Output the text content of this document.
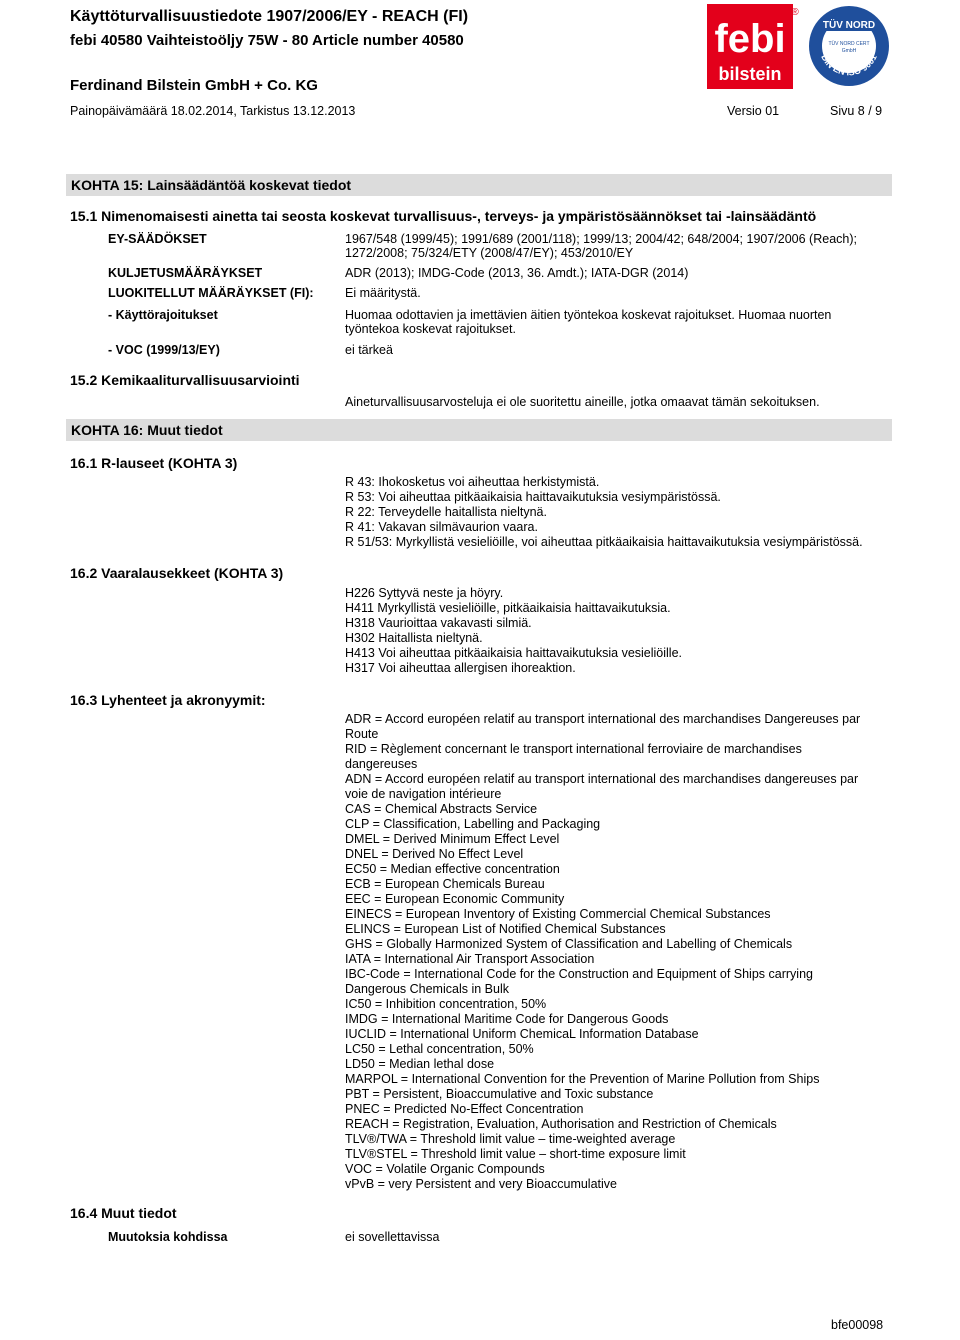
Käyttöturvallisuustiedote 1907/2006/EY - REACH (FI)
febi 40580 Vaihteistoöljy 75W - 80 Article number 40580
Ferdinand Bilstein GmbH + Co. KG
Painopäivämäärä 18.02.2014, Tarkistus 13.12.2013	Versio 01	Sivu 8 / 9
febi
bilstein
®
TÜV NORD
TÜV NORD CERT
GmbH
DIN EN ISO 9001
KOHTA 15: Lainsäädäntöä koskevat tiedot
15.1 Nimenomaisesti ainetta tai seosta koskevat turvallisuus-, terveys- ja ympäristösäännökset tai -lainsäädäntö
EY-SÄÄDÖKSET	1967/548 (1999/45); 1991/689 (2001/118); 1999/13; 2004/42; 648/2004; 1907/2006 (Reach);
1272/2008; 75/324/ETY (2008/47/EY); 453/2010/EY
KULJETUSMÄÄRÄYKSET	ADR (2013); IMDG-Code (2013, 36. Amdt.); IATA-DGR (2014)
LUOKITELLUT MÄÄRÄYKSET (FI):	Ei määritystä.
- Käyttörajoitukset	Huomaa odottavien ja imettävien äitien työntekoa koskevat rajoitukset. Huomaa nuorten
työntekoa koskevat rajoitukset.
- VOC (1999/13/EY)	ei tärkeä
15.2 Kemikaaliturvallisuusarviointi
Aineturvallisuusarvosteluja ei ole suoritettu aineille, jotka omaavat tämän sekoituksen.
KOHTA 16: Muut tiedot
16.1 R-lauseet (KOHTA 3)
R 43: Ihokosketus voi aiheuttaa herkistymistä.
R 53: Voi aiheuttaa pitkäaikaisia haittavaikutuksia vesiympäristössä.
R 22: Terveydelle haitallista nieltynä.
R 41: Vakavan silmävaurion vaara.
R 51/53: Myrkyllistä vesieliöille, voi aiheuttaa pitkäaikaisia haittavaikutuksia vesiympäristössä.
16.2 Vaaralausekkeet (KOHTA 3)
H226 Syttyvä neste ja höyry.
H411 Myrkyllistä vesieliöille, pitkäaikaisia haittavaikutuksia.
H318 Vaurioittaa vakavasti silmiä.
H302 Haitallista nieltynä.
H413 Voi aiheuttaa pitkäaikaisia haittavaikutuksia vesieliöille.
H317 Voi aiheuttaa allergisen ihoreaktion.
16.3 Lyhenteet ja akronyymit:
ADR = Accord européen relatif au transport international des marchandises Dangereuses par
Route
RID = Règlement concernant le transport international ferroviaire de marchandises
dangereuses
ADN = Accord européen relatif au transport international des marchandises dangereuses par
voie de navigation intérieure
CAS = Chemical Abstracts Service
CLP = Classification, Labelling and Packaging
DMEL = Derived Minimum Effect Level
DNEL = Derived No Effect Level
EC50 = Median effective concentration
ECB = European Chemicals Bureau
EEC = European Economic Community
EINECS = European Inventory of Existing Commercial Chemical Substances
ELINCS = European List of Notified Chemical Substances
GHS = Globally Harmonized System of Classification and Labelling of Chemicals
IATA = International Air Transport Association
IBC-Code = International Code for the Construction and Equipment of Ships carrying
Dangerous Chemicals in Bulk
IC50 = Inhibition concentration, 50%
IMDG = International Maritime Code for Dangerous Goods
IUCLID = International Uniform ChemicaL Information Database
LC50 = Lethal concentration, 50%
LD50 = Median lethal dose
MARPOL = International Convention for the Prevention of Marine Pollution from Ships
PBT = Persistent, Bioaccumulative and Toxic substance
PNEC = Predicted No-Effect Concentration
REACH = Registration, Evaluation, Authorisation and Restriction of Chemicals
TLV®/TWA = Threshold limit value – time-weighted average
TLV®STEL = Threshold limit value – short-time exposure limit
VOC = Volatile Organic Compounds
vPvB = very Persistent and very Bioaccumulative
16.4 Muut tiedot
Muutoksia kohdissa	ei sovellettavissa
bfe00098
